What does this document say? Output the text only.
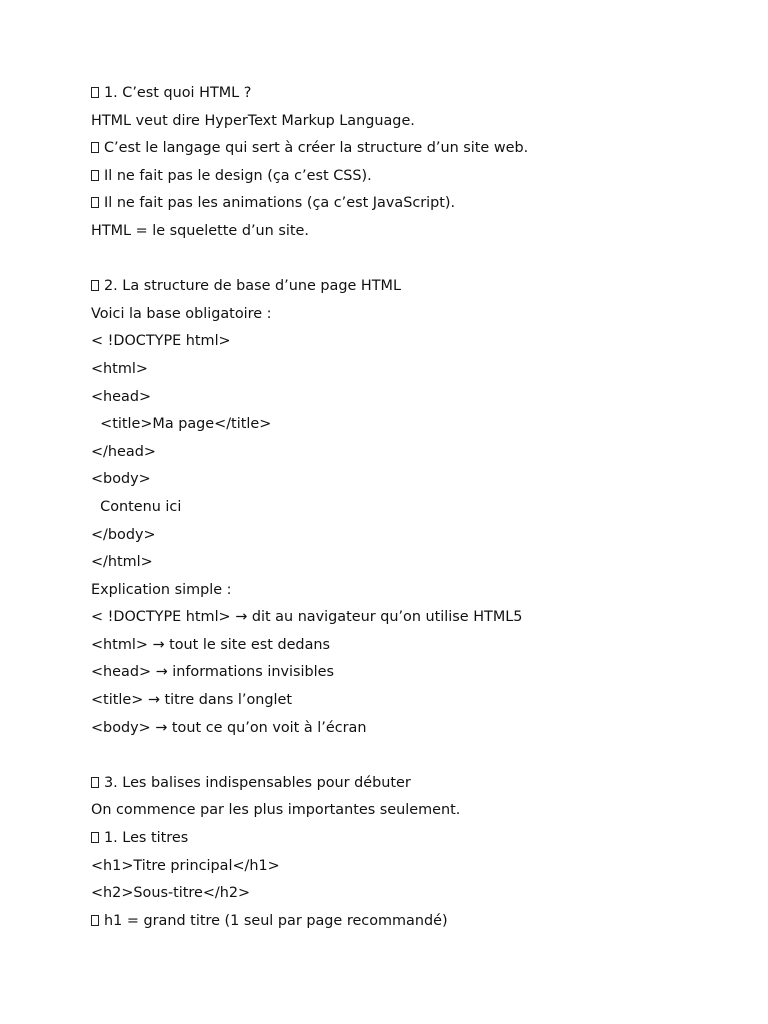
1. C’est quoi HTML ?
HTML veut dire HyperText Markup Language.
C’est le langage qui sert à créer la structure d’un site web.
Il ne fait pas le design (ça c’est CSS).
Il ne fait pas les animations (ça c’est JavaScript).
HTML = le squelette d’un site.
2. La structure de base d’une page HTML
Voici la base obligatoire :
< !DOCTYPE html>
<html>
<head>
<title>Ma page</title>
</head>
<body>
Contenu ici
</body>
</html>
Explication simple :
< !DOCTYPE html> → dit au navigateur qu’on utilise HTML5
<html> → tout le site est dedans
<head> → informations invisibles
<title> → titre dans l’onglet
<body> → tout ce qu’on voit à l’écran
3. Les balises indispensables pour débuter
On commence par les plus importantes seulement.
1. Les titres
<h1>Titre principal</h1>
<h2>Sous-titre</h2>
h1 = grand titre (1 seul par page recommandé)
